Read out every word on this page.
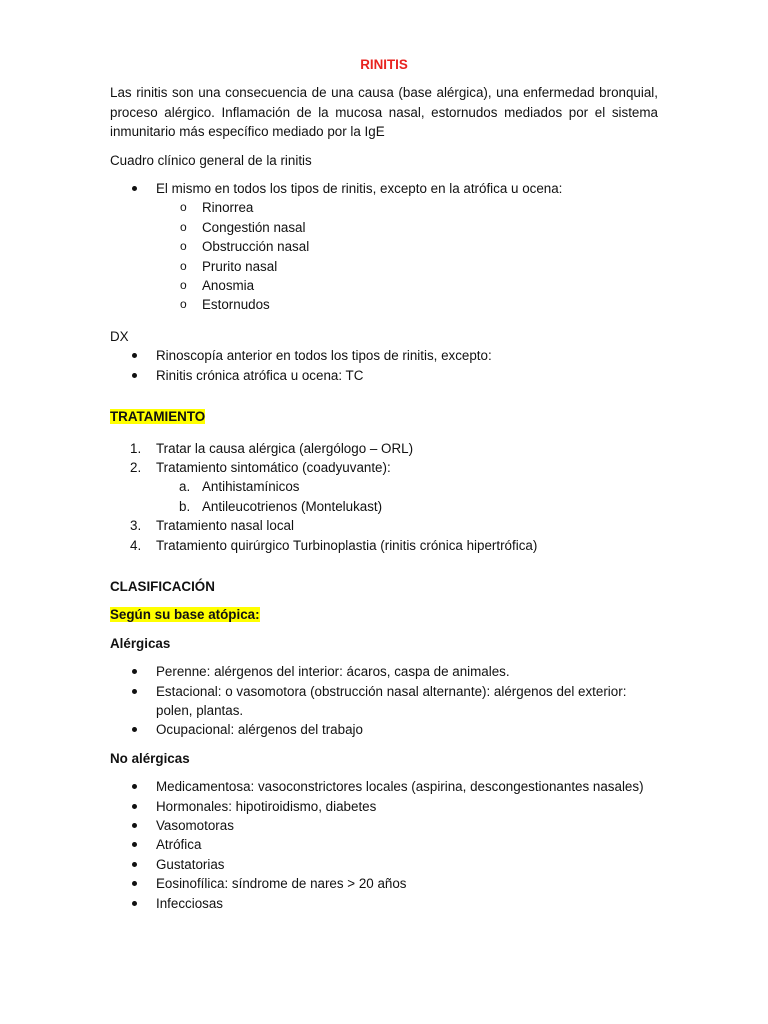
RINITIS

Las rinitis son una consecuencia de una causa (base alérgica), una enfermedad bronquial, proceso alérgico. Inflamación de la mucosa nasal, estornudos mediados por el sistema inmunitario más específico mediado por la IgE

Cuadro clínico general de la rinitis

El mismo en todos los tipos de rinitis, excepto en la atrófica u ocena:
o Rinorrea
o Congestión nasal
o Obstrucción nasal
o Prurito nasal
o Anosmia
o Estornudos

DX

Rinoscopía anterior en todos los tipos de rinitis, excepto:
Rinitis crónica atrófica u ocena: TC

TRATAMIENTO

1. Tratar la causa alérgica (alergólogo – ORL)
2. Tratamiento sintomático (coadyuvante):
a. Antihistamínicos
b. Antileucotrienos (Montelukast)
3. Tratamiento nasal local
4. Tratamiento quirúrgico Turbinoplastia (rinitis crónica hipertrófica)

CLASIFICACIÓN

Según su base atópica:

Alérgicas

Perenne: alérgenos del interior: ácaros, caspa de animales.
Estacional: o vasomotora (obstrucción nasal alternante): alérgenos del exterior: polen, plantas.
Ocupacional: alérgenos del trabajo

No alérgicas

Medicamentosa: vasoconstrictores locales (aspirina, descongestionantes nasales)
Hormonales: hipotiroidismo, diabetes
Vasomotoras
Atrófica
Gustatorias
Eosinofílica: síndrome de nares > 20 años
Infecciosas
